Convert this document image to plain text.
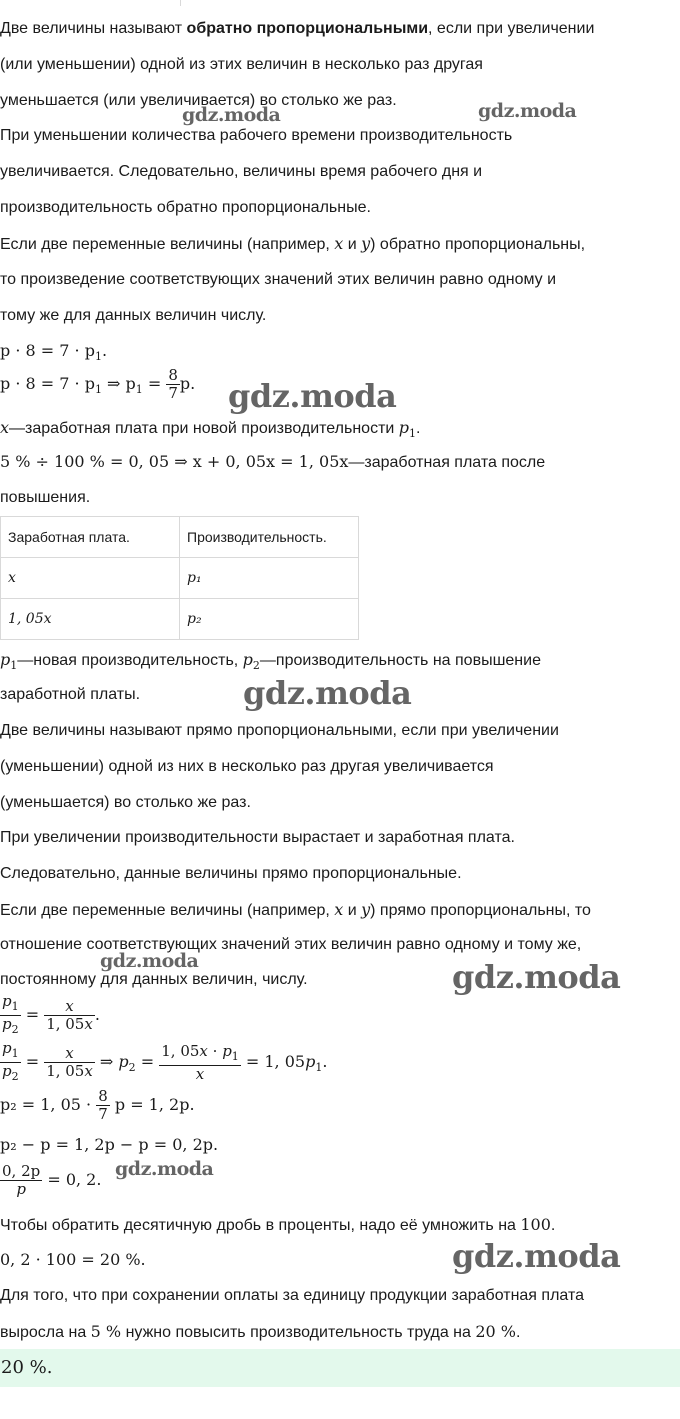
Две величины называют обратно пропорциональными, если при увеличении
(или уменьшении) одной из этих величин в несколько раз другая
уменьшается (или увеличивается) во столько же раз.
При уменьшении количества рабочего времени производительность
увеличивается. Следовательно, величины время рабочего дня и
производительность обратно пропорциональные.
Если две переменные величины (например, x и y) обратно пропорциональны,
то произведение соответствующих значений этих величин равно одному и
тому же для данных величин числу.
$p \cdot 8 = 7 \cdot p_1$.
$p \cdot 8 = 7 \cdot p_1$ ⇒ $p_1 = \frac{8}{7} p$.
x—заработная плата при новой производительности $p_1$.
5 % ÷ 100 % = 0, 05 ⇒ x + 0, 05x = 1, 05x—заработная плата после
повышения.
Заработная плата.	Производительность.
x	p₁
1, 05x	p₂
$p_1—новая$ производительность, $p_2—производительность$ на повышение
заработной платы.
Две величины называют прямо пропорциональными, если при увеличении
(уменьшении) одной из них в несколько раз другая увеличивается
(уменьшается) во столько же раз.
При увеличении производительности вырастает и заработная плата.
Следовательно, данные величины прямо пропорциональные.
Если две переменные величины (например, x и y) прямо пропорциональны, то
отношение соответствующих значений этих величин равно одному и тому же,
постоянному для данных величин, числу.
$\frac{p_1}{p_2} = \frac{x}{1, 05x}$ .
$\frac{p_1}{p_2} = \frac{x}{1, 05x}$ ⇒ $p_2 = \frac{1, 05x \cdot p_1}{x} = 1$, $05p_1$.
p₂ = 1, $05 \cdot \frac{8}{7}$ p = 1, 2p.
p₂ − p = 1, 2p − p = 0, 2p.
$\frac{0, 2p}{p} = 0$, 2.
Чтобы обратить десятичную дробь в проценты, надо её умножить на 100.
0, 2 · 100 = 20 %.
Для того, что при сохранении оплаты за единицу продукции заработная плата
выросла на 5 % нужно повысить производительность труда на 20 %.
20 %.
gdz.moda	gdz.moda
gdz.moda
gdz.moda
gdz.moda	gdz.moda
gdz.moda
gdz.moda
